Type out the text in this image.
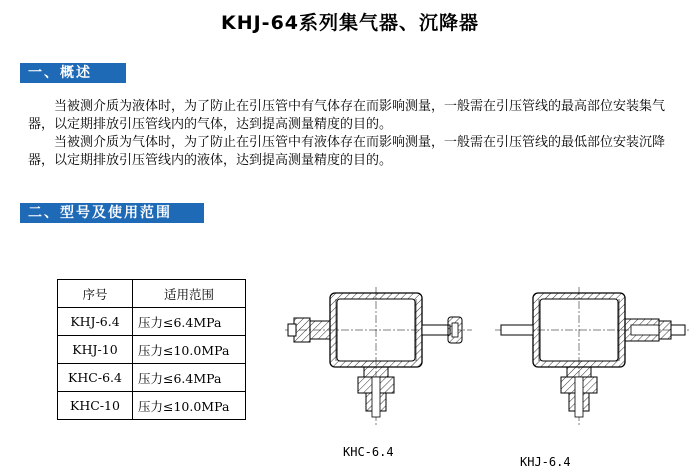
KHJ-64系列集气器、沉降器
一、概述

当被测介质为液体时，为了防止在引压管中有气体存在而影响测量，一般需在引压管线的最高部位安装集气器，以定期排放引压管线内的气体，达到提高测量精度的目的。

当被测介质为气体时，为了防止在引压管中有液体存在而影响测量，一般需在引压管线的最低部位安装沉降器，以定期排放引压管线内的液体，达到提高测量精度的目的。

二、型号及使用范围
序号	适用范围
KHJ-6.4	压力≤6.4MPa
KHJ-10	压力≤10.0MPa
KHC-6.4	压力≤6.4MPa
KHC-10	压力≤10.0MPa
KHC-6.4
KHJ-6.4
